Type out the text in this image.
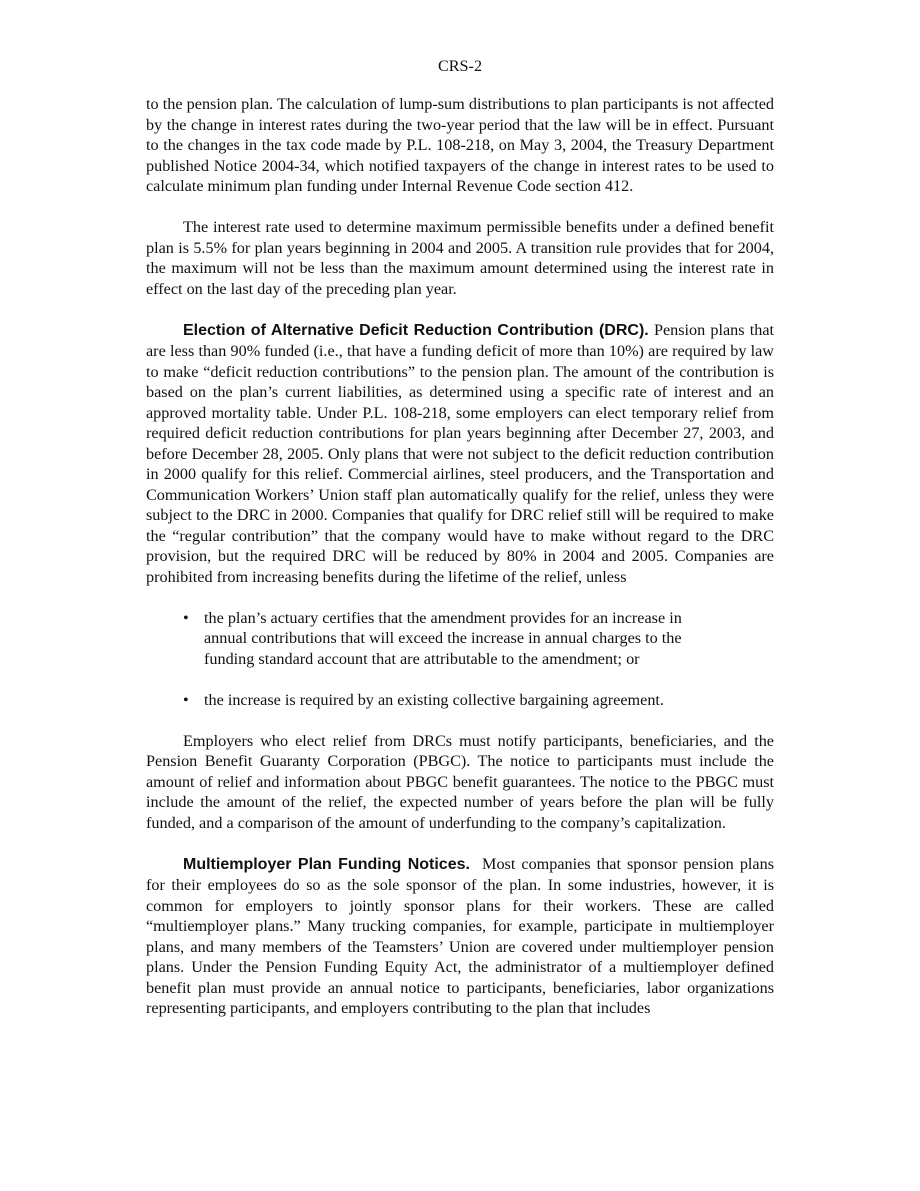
CRS-2

to the pension plan. The calculation of lump-sum distributions to plan participants is not affected by the change in interest rates during the two-year period that the law will be in effect. Pursuant to the changes in the tax code made by P.L. 108-218, on May 3, 2004, the Treasury Department published Notice 2004-34, which notified taxpayers of the change in interest rates to be used to calculate minimum plan funding under Internal Revenue Code section 412.

The interest rate used to determine maximum permissible benefits under a defined benefit plan is 5.5% for plan years beginning in 2004 and 2005. A transition rule provides that for 2004, the maximum will not be less than the maximum amount determined using the interest rate in effect on the last day of the preceding plan year.

Election of Alternative Deficit Reduction Contribution (DRC). Pension plans that are less than 90% funded (i.e., that have a funding deficit of more than 10%) are required by law to make “deficit reduction contributions” to the pension plan. The amount of the contribution is based on the plan’s current liabilities, as determined using a specific rate of interest and an approved mortality table. Under P.L. 108-218, some employers can elect temporary relief from required deficit reduction contributions for plan years beginning after December 27, 2003, and before December 28, 2005. Only plans that were not subject to the deficit reduction contribution in 2000 qualify for this relief. Commercial airlines, steel producers, and the Transportation and Communication Workers’ Union staff plan automatically qualify for the relief, unless they were subject to the DRC in 2000. Companies that qualify for DRC relief still will be required to make the “regular contribution” that the company would have to make without regard to the DRC provision, but the required DRC will be reduced by 80% in 2004 and 2005. Companies are prohibited from increasing benefits during the lifetime of the relief, unless

• the plan’s actuary certifies that the amendment provides for an increase in annual contributions that will exceed the increase in annual charges to the funding standard account that are attributable to the amendment; or
• the increase is required by an existing collective bargaining agreement.

Employers who elect relief from DRCs must notify participants, beneficiaries, and the Pension Benefit Guaranty Corporation (PBGC). The notice to participants must include the amount of relief and information about PBGC benefit guarantees. The notice to the PBGC must include the amount of the relief, the expected number of years before the plan will be fully funded, and a comparison of the amount of underfunding to the company’s capitalization.

Multiemployer Plan Funding Notices. Most companies that sponsor pension plans for their employees do so as the sole sponsor of the plan. In some industries, however, it is common for employers to jointly sponsor plans for their workers. These are called “multiemployer plans.” Many trucking companies, for example, participate in multiemployer plans, and many members of the Teamsters’ Union are covered under multiemployer pension plans. Under the Pension Funding Equity Act, the administrator of a multiemployer defined benefit plan must provide an annual notice to participants, beneficiaries, labor organizations representing participants, and employers contributing to the plan that includes
